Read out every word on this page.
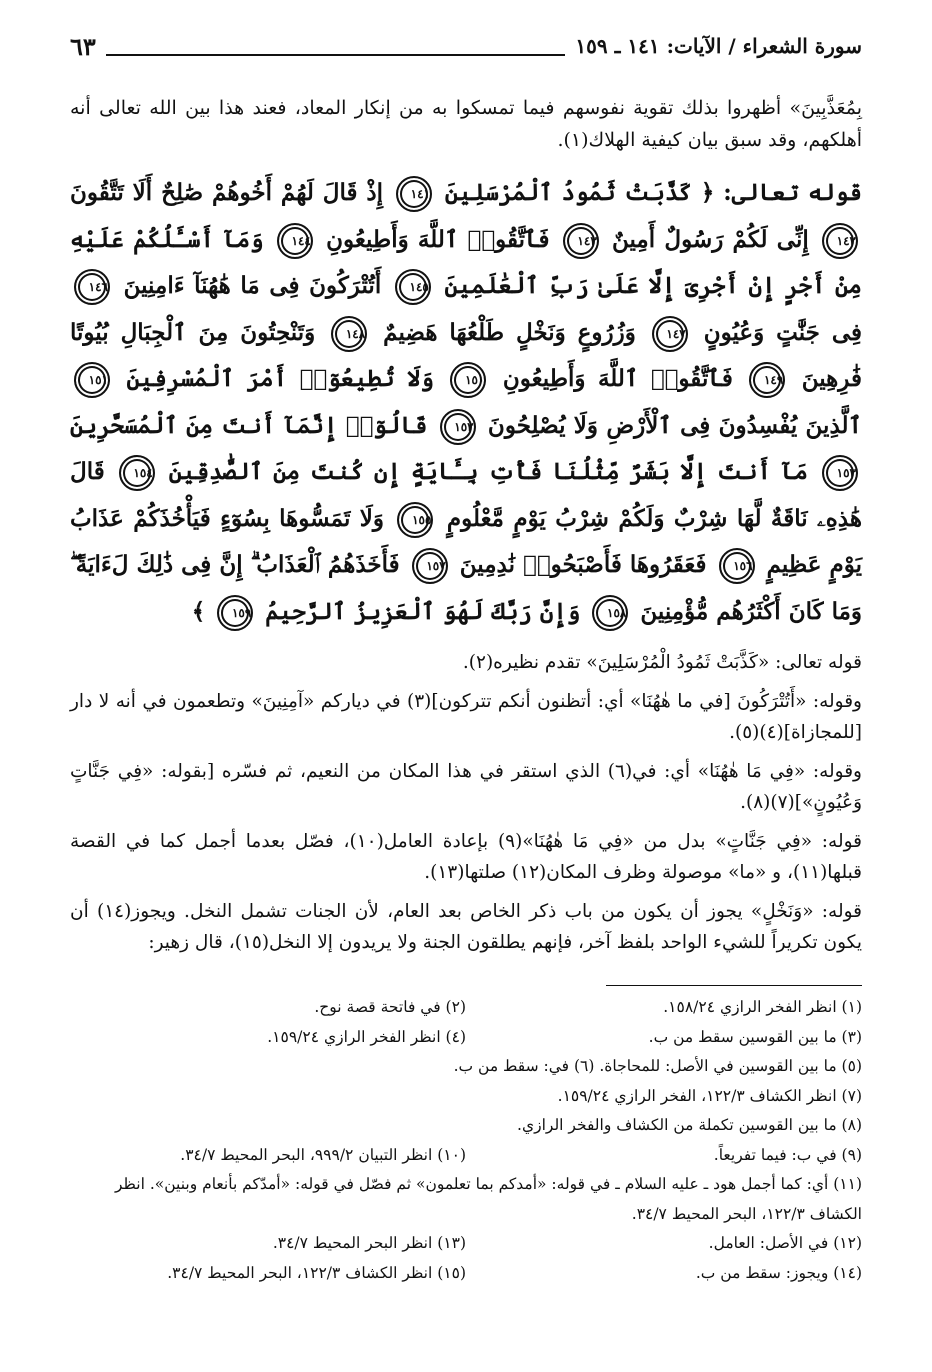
سورة الشعراء / الآيات: ١٤١ ـ ١٥٩
٦٣

بِمُعَذَّبِينَ» أظهروا بذلك تقوية نفوسهم فيما تمسكوا به من إنكار المعاد، فعند هذا بين الله تعالى أنه أهلكهم، وقد سبق بيان كيفية الهلاك(١).

قوله تعالى: ﴿ كَذَّبَتْ ثَمُودُ ٱلْمُرْسَلِينَ ١٤١ إِذْ قَالَ لَهُمْ أَخُوهُمْ صَٰلِحٌ أَلَا تَتَّقُونَ ١٤٢ إِنِّى لَكُمْ رَسُولٌ أَمِينٌ ١٤٣ فَٱتَّقُوا۟ ٱللَّهَ وَأَطِيعُونِ ١٤٤ وَمَآ أَسْـَٔلُكُمْ عَلَيْهِ مِنْ أَجْرٍ إِنْ أَجْرِىَ إِلَّا عَلَىٰ رَبِّ ٱلْعَٰلَمِينَ ١٤٥ أَتُتْرَكُونَ فِى مَا هَٰهُنَآ ءَامِنِينَ ١٤٦ فِى جَنَّٰتٍ وَعُيُونٍ ١٤٧ وَزُرُوعٍ وَنَخْلٍ طَلْعُهَا هَضِيمٌ ١٤٨ وَتَنْحِتُونَ مِنَ ٱلْجِبَالِ بُيُوتًا فَٰرِهِينَ ١٤٩ فَٱتَّقُوا۟ ٱللَّهَ وَأَطِيعُونِ ١٥٠ وَلَا تُطِيعُوٓا۟ أَمْرَ ٱلْمُسْرِفِينَ ١٥١ ٱلَّذِينَ يُفْسِدُونَ فِى ٱلْأَرْضِ وَلَا يُصْلِحُونَ ١٥٢ قَالُوٓا۟ إِنَّمَآ أَنتَ مِنَ ٱلْمُسَحَّرِينَ ١٥٣ مَآ أَنتَ إِلَّا بَشَرٌ مِّثْلُنَا فَأْتِ بِـَٔايَةٍ إِن كُنتَ مِنَ ٱلصَّٰدِقِينَ ١٥٤ قَالَ هَٰذِهِۦ نَاقَةٌ لَّهَا شِرْبٌ وَلَكُمْ شِرْبُ يَوْمٍ مَّعْلُومٍ ١٥٥ وَلَا تَمَسُّوهَا بِسُوٓءٍ فَيَأْخُذَكُمْ عَذَابُ يَوْمٍ عَظِيمٍ ١٥٦ فَعَقَرُوهَا فَأَصْبَحُوا۟ نَٰدِمِينَ ١٥٧ فَأَخَذَهُمُ ٱلْعَذَابُ ۗ إِنَّ فِى ذَٰلِكَ لَءَايَةً ۖ وَمَا كَانَ أَكْثَرُهُم مُّؤْمِنِينَ ١٥٨ وَإِنَّ رَبَّكَ لَهُوَ ٱلْعَزِيزُ ٱلرَّحِيمُ ١٥٩ ﴾

قوله تعالى: «كَذَّبَتْ ثَمُودُ الْمُرْسَلِينَ» تقدم نظيره(٢).

وقوله: «أَتُتْرَكُونَ [في ما هٰهُنَا» أي: أتظنون أنكم تتركون](٣) في دياركم «آمِنِينَ» وتطعمون في أنه لا دار [للمجازاة](٤)(٥).

وقوله: «فِي مَا هٰهُنَا» أي: في(٦) الذي استقر في هذا المكان من النعيم، ثم فسّره [بقوله: «فِي جَنَّاتٍ وَعُيُونٍ»](٧)(٨).

قوله: «فِي جَنَّاتٍ» بدل من «فِي مَا هٰهُنَا»(٩) بإعادة العامل(١٠)، فصّل بعدما أجمل كما في القصة قبلها(١١)، و «ما» موصولة وظرف المكان(١٢) صلتها(١٣).

قوله: «وَنَخْلٍ» يجوز أن يكون من باب ذكر الخاص بعد العام، لأن الجنات تشمل النخل. ويجوز(١٤) أن يكون تكريراً للشيء الواحد بلفظ آخر، فإنهم يطلقون الجنة ولا يريدون إلا النخل(١٥)، قال زهير:

(١) انظر الفخر الرازي ١٥٨/٢٤.
(٢) في فاتحة قصة نوح.
(٣) ما بين القوسين سقط من ب.
(٤) انظر الفخر الرازي ١٥٩/٢٤.
(٥) ما بين القوسين في الأصل: للمحاجاة. (٦) في: سقط من ب.
(٧) انظر الكشاف ١٢٢/٣، الفخر الرازي ١٥٩/٢٤.
(٨) ما بين القوسين تكملة من الكشاف والفخر الرازي.
(٩) في ب: فيما تفريعاً.
(١٠) انظر التبيان ٩٩٩/٢، البحر المحيط ٣٤/٧.
(١١) أي: كما أجمل هود ـ عليه السلام ـ في قوله: «أمدكم بما تعلمون» ثم فصّل في قوله: «أمدّكم بأنعام وبنين». انظر الكشاف ١٢٢/٣، البحر المحيط ٣٤/٧.
(١٢) في الأصل: العامل.
(١٣) انظر البحر المحيط ٣٤/٧.
(١٤) ويجوز: سقط من ب.
(١٥) انظر الكشاف ١٢٢/٣، البحر المحيط ٣٤/٧.
